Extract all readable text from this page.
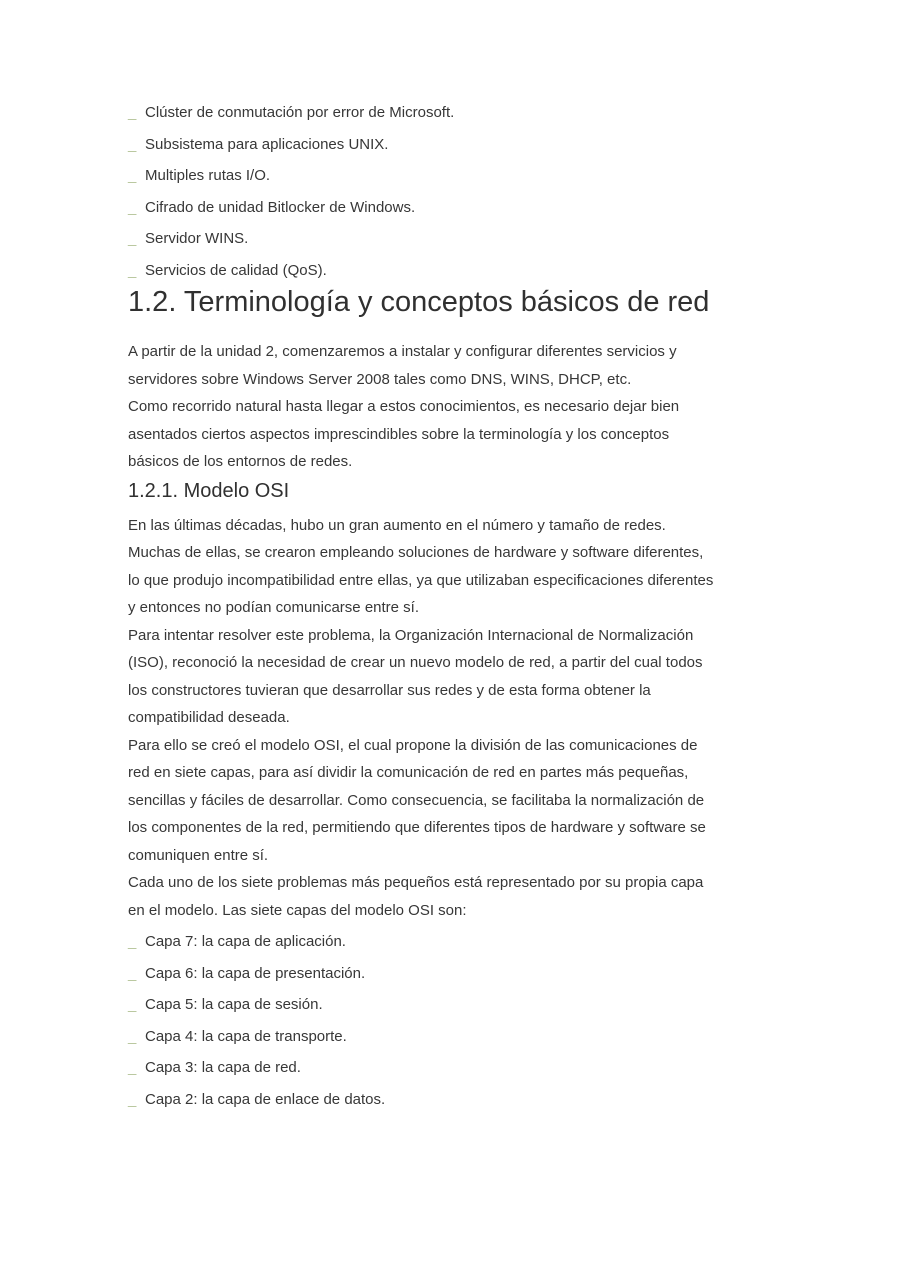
_ Clúster de conmutación por error de Microsoft.
_ Subsistema para aplicaciones UNIX.
_ Multiples rutas I/O.
_ Cifrado de unidad Bitlocker de Windows.
_ Servidor WINS.
_ Servicios de calidad (QoS).
1.2. Terminología y conceptos básicos de red

A partir de la unidad 2, comenzaremos a instalar y configurar diferentes servicios y servidores sobre Windows Server 2008 tales como DNS, WINS, DHCP, etc.

Como recorrido natural hasta llegar a estos conocimientos, es necesario dejar bien asentados ciertos aspectos imprescindibles sobre la terminología y los conceptos básicos de los entornos de redes.

1.2.1. Modelo OSI

En las últimas décadas, hubo un gran aumento en el número y tamaño de redes. Muchas de ellas, se crearon empleando soluciones de hardware y software diferentes, lo que produjo incompatibilidad entre ellas, ya que utilizaban especificaciones diferentes y entonces no podían comunicarse entre sí.

Para intentar resolver este problema, la Organización Internacional de Normalización (ISO), reconoció la necesidad de crear un nuevo modelo de red, a partir del cual todos los constructores tuvieran que desarrollar sus redes y de esta forma obtener la compatibilidad deseada.

Para ello se creó el modelo OSI, el cual propone la división de las comunicaciones de red en siete capas, para así dividir la comunicación de red en partes más pequeñas, sencillas y fáciles de desarrollar. Como consecuencia, se facilitaba la normalización de los componentes de la red, permitiendo que diferentes tipos de hardware y software se comuniquen entre sí.

Cada uno de los siete problemas más pequeños está representado por su propia capa en el modelo. Las siete capas del modelo OSI son:

_ Capa 7: la capa de aplicación.
_ Capa 6: la capa de presentación.
_ Capa 5: la capa de sesión.
_ Capa 4: la capa de transporte.
_ Capa 3: la capa de red.
_ Capa 2: la capa de enlace de datos.
